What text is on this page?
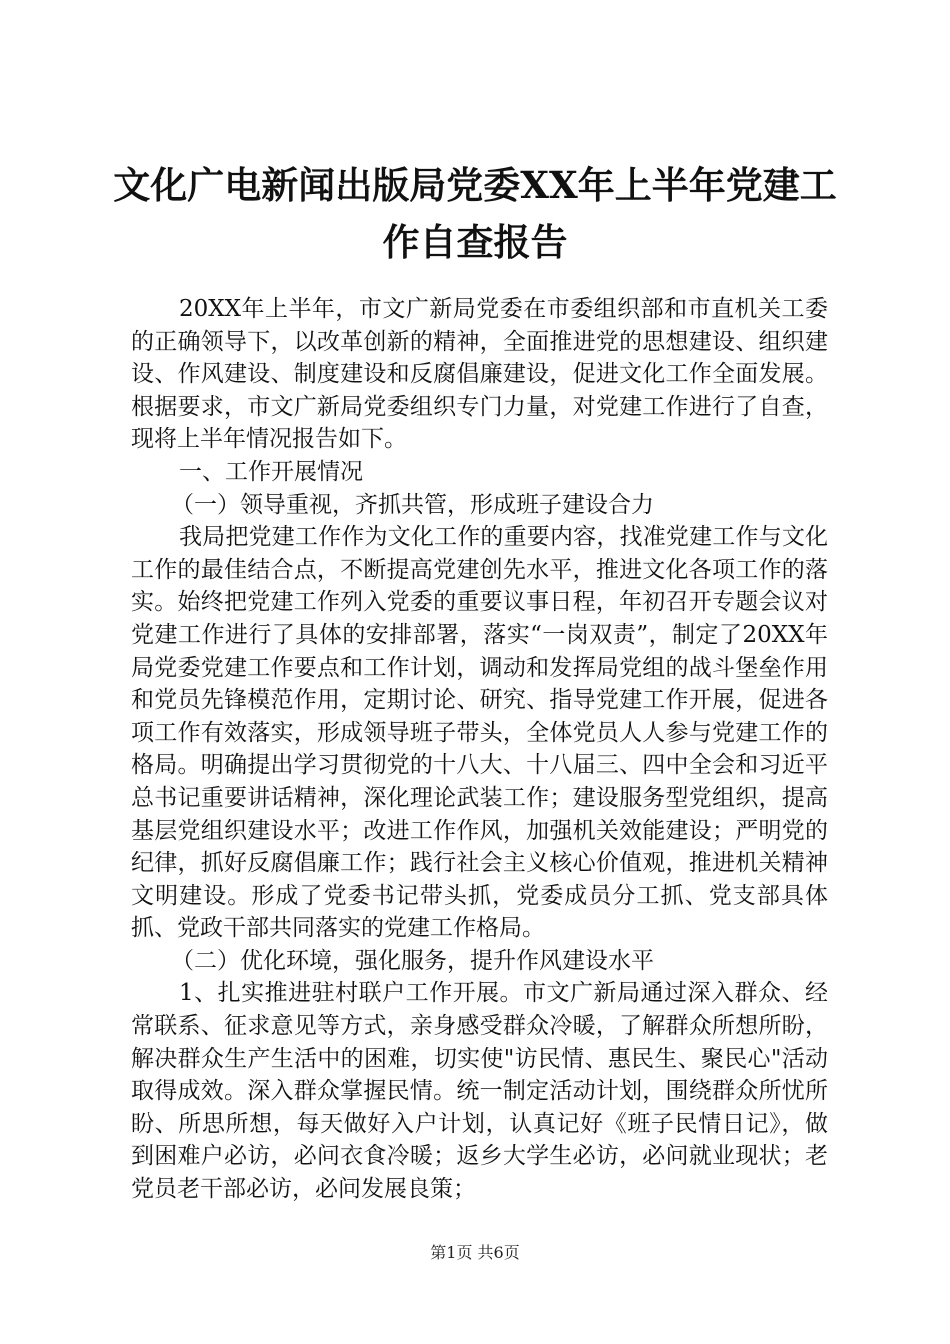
文化广电新闻出版局党委XX年上半年党建工作自查报告

20XX年上半年，市文广新局党委在市委组织部和市直机关工委的正确领导下，以改革创新的精神，全面推进党的思想建设、组织建设、作风建设、制度建设和反腐倡廉建设，促进文化工作全面发展。根据要求，市文广新局党委组织专门力量，对党建工作进行了自查，现将上半年情况报告如下。

一、工作开展情况

（一）领导重视，齐抓共管，形成班子建设合力

我局把党建工作作为文化工作的重要内容，找准党建工作与文化工作的最佳结合点，不断提高党建创先水平，推进文化各项工作的落实。始终把党建工作列入党委的重要议事日程，年初召开专题会议对党建工作进行了具体的安排部署，落实“一岗双责”，制定了20XX年局党委党建工作要点和工作计划，调动和发挥局党组的战斗堡垒作用和党员先锋模范作用，定期讨论、研究、指导党建工作开展，促进各项工作有效落实，形成领导班子带头，全体党员人人参与党建工作的格局。明确提出学习贯彻党的十八大、十八届三、四中全会和习近平总书记重要讲话精神，深化理论武装工作；建设服务型党组织，提高基层党组织建设水平；改进工作作风，加强机关效能建设；严明党的纪律，抓好反腐倡廉工作；践行社会主义核心价值观，推进机关精神文明建设。形成了党委书记带头抓，党委成员分工抓、党支部具体抓、党政干部共同落实的党建工作格局。

（二）优化环境，强化服务，提升作风建设水平

1、扎实推进驻村联户工作开展。市文广新局通过深入群众、经常联系、征求意见等方式，亲身感受群众冷暖，了解群众所想所盼，解决群众生产生活中的困难，切实使"访民情、惠民生、聚民心"活动取得成效。深入群众掌握民情。统一制定活动计划，围绕群众所忧所盼、所思所想，每天做好入户计划，认真记好《班子民情日记》，做到困难户必访，必问衣食冷暖；返乡大学生必访，必问就业现状；老党员老干部必访，必问发展良策；

第1页 共6页
